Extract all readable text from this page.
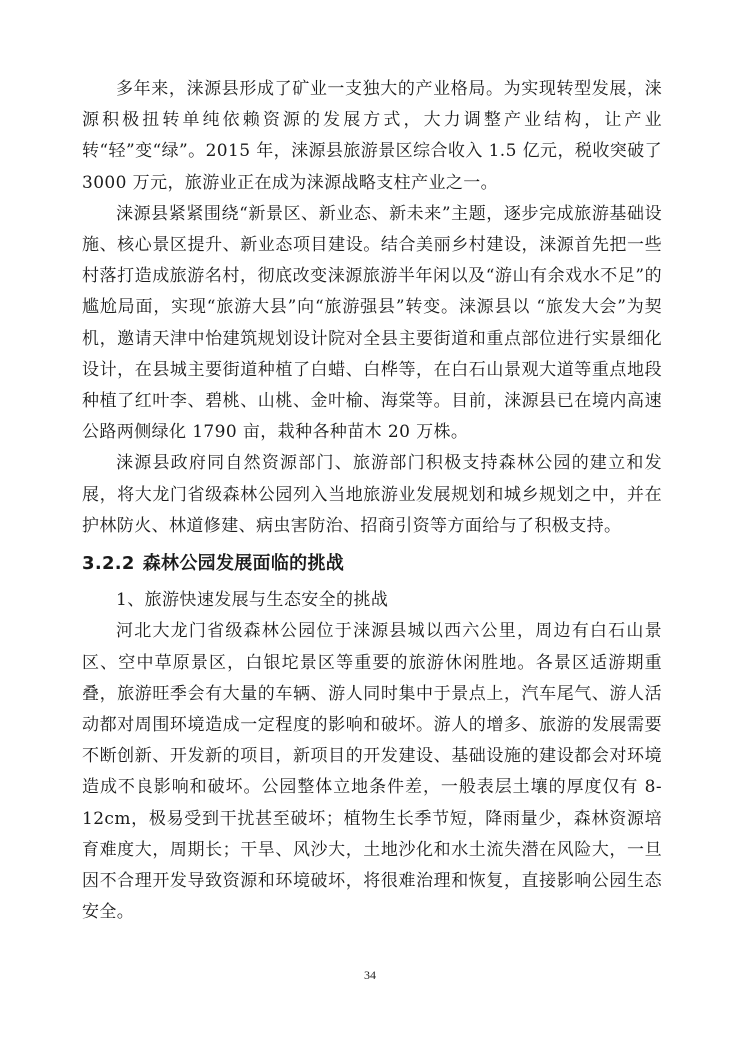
多年来，涞源县形成了矿业一支独大的产业格局。为实现转型发展，涞源积极扭转单纯依赖资源的发展方式，大力调整产业结构，让产业转“轻”变“绿”。2015 年，涞源县旅游景区综合收入 1.5 亿元，税收突破了 3000 万元，旅游业正在成为涞源战略支柱产业之一。

涞源县紧紧围绕“新景区、新业态、新未来”主题，逐步完成旅游基础设施、核心景区提升、新业态项目建设。结合美丽乡村建设，涞源首先把一些村落打造成旅游名村，彻底改变涞源旅游半年闲以及“游山有余戏水不足”的尴尬局面，实现“旅游大县”向“旅游强县”转变。涞源县以 “旅发大会”为契机，邀请天津中怡建筑规划设计院对全县主要街道和重点部位进行实景细化设计，在县城主要街道种植了白蜡、白桦等，在白石山景观大道等重点地段种植了红叶李、碧桃、山桃、金叶榆、海棠等。目前，涞源县已在境内高速公路两侧绿化 1790 亩，栽种各种苗木 20 万株。

涞源县政府同自然资源部门、旅游部门积极支持森林公园的建立和发展，将大龙门省级森林公园列入当地旅游业发展规划和城乡规划之中，并在护林防火、林道修建、病虫害防治、招商引资等方面给与了积极支持。

3.2.2 森林公园发展面临的挑战

1、旅游快速发展与生态安全的挑战

河北大龙门省级森林公园位于涞源县城以西六公里，周边有白石山景区、空中草原景区，白银坨景区等重要的旅游休闲胜地。各景区适游期重叠，旅游旺季会有大量的车辆、游人同时集中于景点上，汽车尾气、游人活动都对周围环境造成一定程度的影响和破坏。游人的增多、旅游的发展需要不断创新、开发新的项目，新项目的开发建设、基础设施的建设都会对环境造成不良影响和破坏。公园整体立地条件差，一般表层土壤的厚度仅有 8-12cm，极易受到干扰甚至破坏；植物生长季节短，降雨量少，森林资源培育难度大，周期长；干旱、风沙大，土地沙化和水土流失潜在风险大，一旦因不合理开发导致资源和环境破坏，将很难治理和恢复，直接影响公园生态安全。

34
